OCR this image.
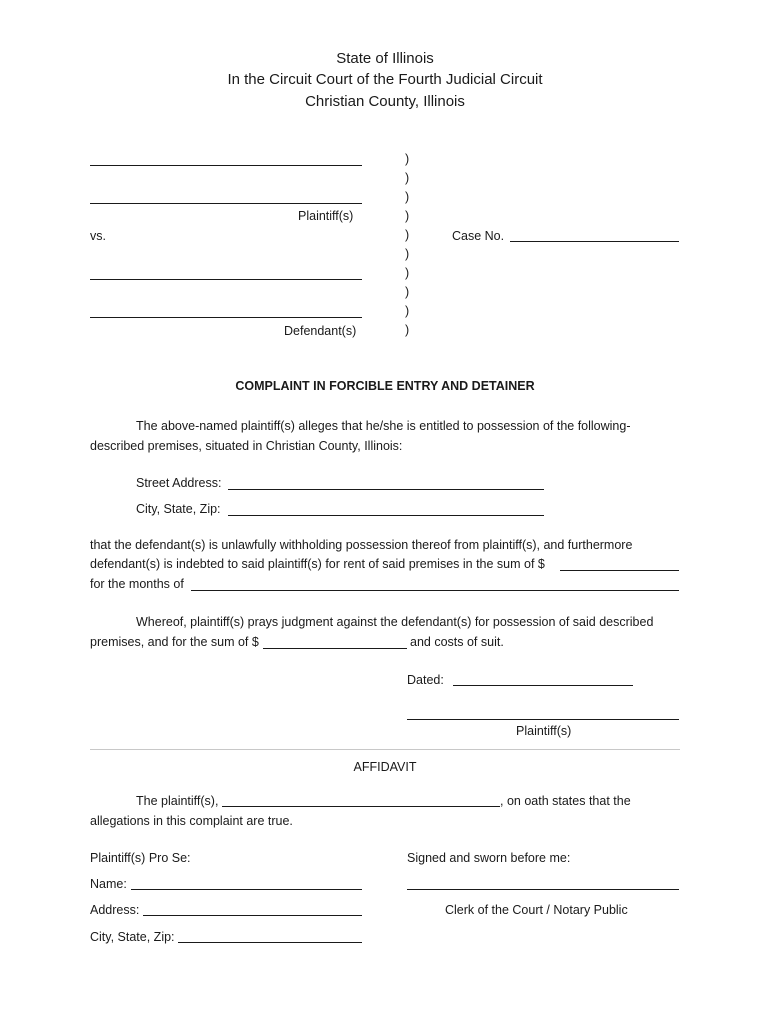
State of Illinois
In the Circuit Court of the Fourth Judicial Circuit
Christian County, Illinois
Plaintiff(s)
vs.
Defendant(s)
)
)
)
)
)
)
)
)
)
)
Case No.
COMPLAINT IN FORCIBLE ENTRY AND DETAINER
The above-named plaintiff(s) alleges that he/she is entitled to possession of the following-
described premises, situated in Christian County, Illinois:
Street Address:
City, State, Zip:
that the defendant(s) is unlawfully withholding possession thereof from plaintiff(s), and furthermore
defendant(s) is indebted to said plaintiff(s) for rent of said premises in the sum of $
for the months of
Whereof, plaintiff(s) prays judgment against the defendant(s) for possession of said described
premises, and for the sum of $	and costs of suit.
Dated:
Plaintiff(s)
AFFIDAVIT
The plaintiff(s),	, on oath states that the
allegations in this complaint are true.
Plaintiff(s) Pro Se:	Signed and sworn before me:
Name:
Address:	Clerk of the Court / Notary Public
City, State, Zip:
